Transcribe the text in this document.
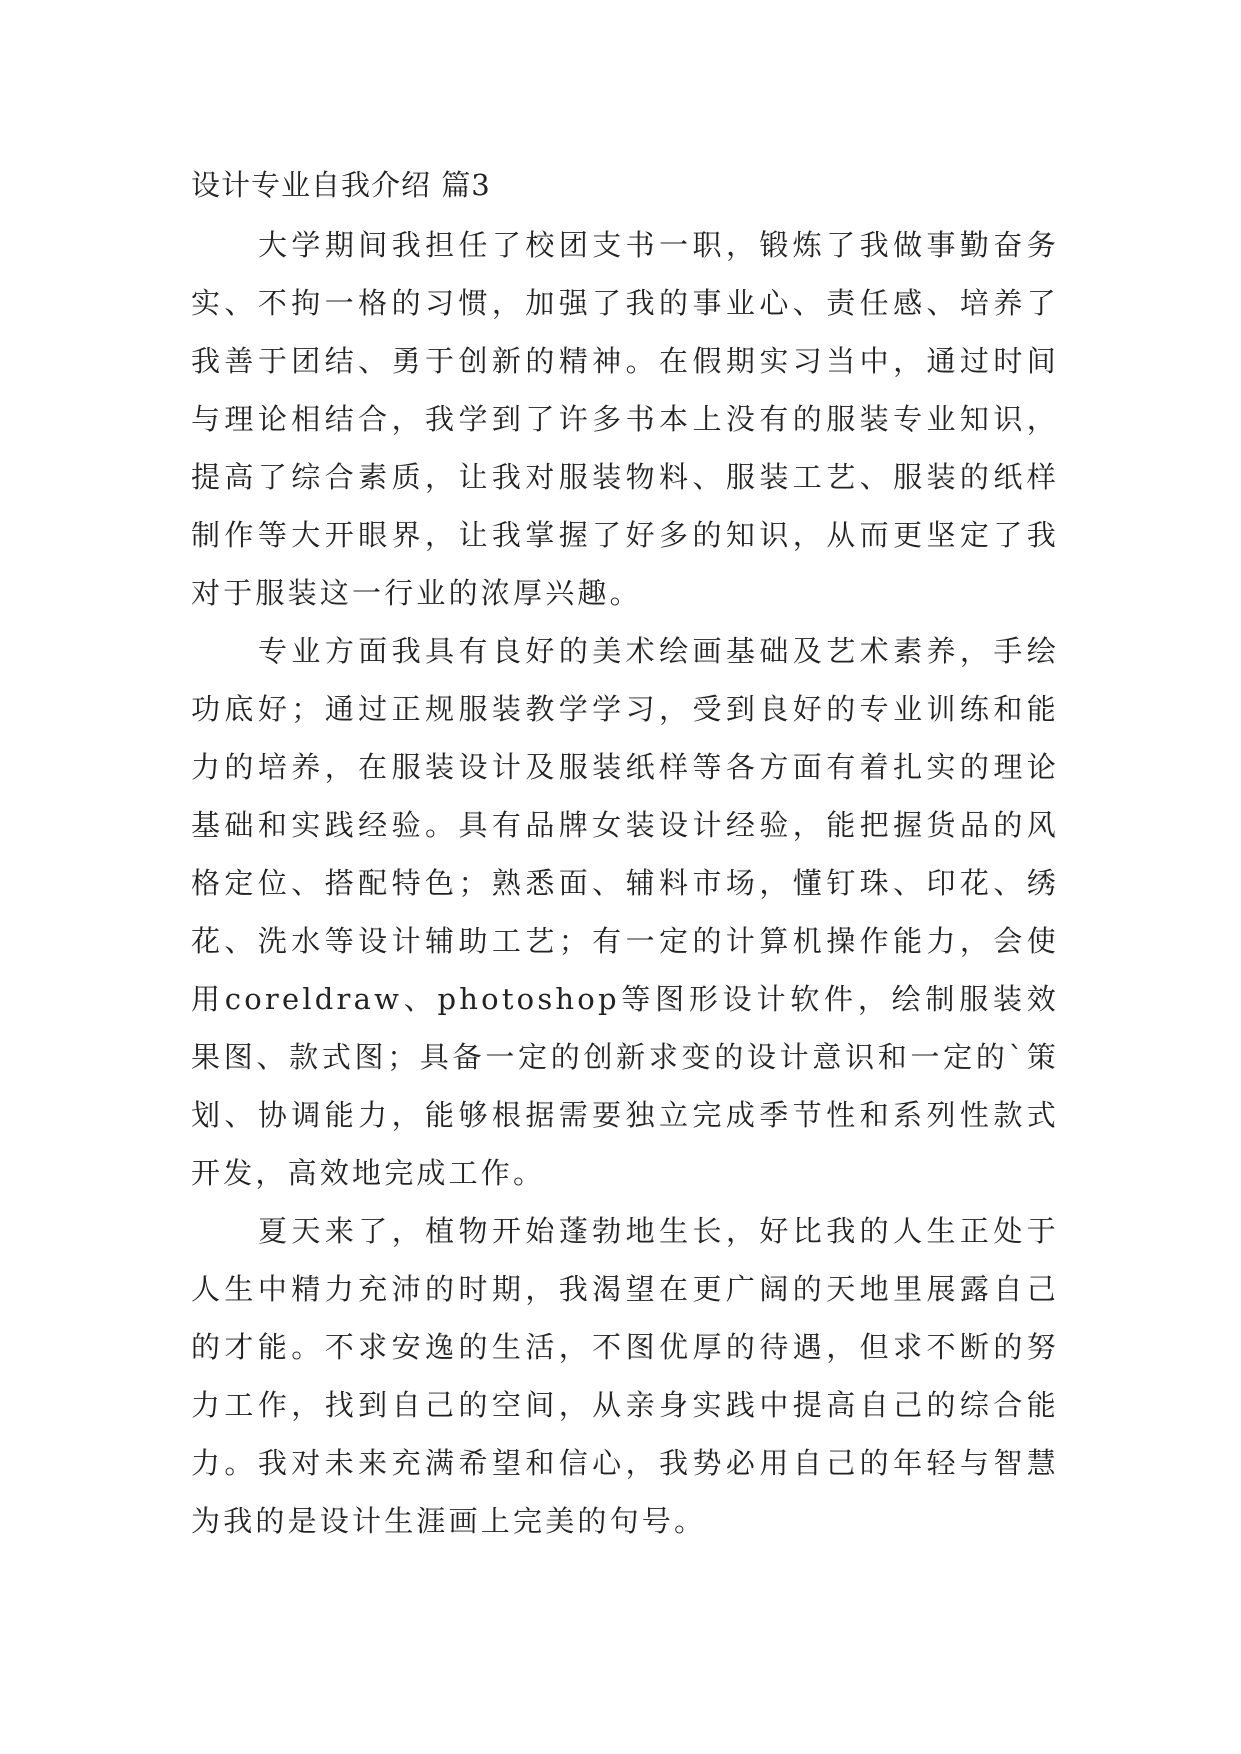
设计专业自我介绍 篇3

大学期间我担任了校团支书一职，锻炼了我做事勤奋务实、不拘一格的习惯，加强了我的事业心、责任感、培养了我善于团结、勇于创新的精神。在假期实习当中，通过时间与理论相结合，我学到了许多书本上没有的服装专业知识，提高了综合素质，让我对服装物料、服装工艺、服装的纸样制作等大开眼界，让我掌握了好多的知识，从而更坚定了我对于服装这一行业的浓厚兴趣。

专业方面我具有良好的美术绘画基础及艺术素养，手绘功底好；通过正规服装教学学习，受到良好的专业训练和能力的培养，在服装设计及服装纸样等各方面有着扎实的理论基础和实践经验。具有品牌女装设计经验，能把握货品的风格定位、搭配特色；熟悉面、辅料市场，懂钉珠、印花、绣花、洗水等设计辅助工艺；有一定的计算机操作能力，会使用coreldraw、photoshop等图形设计软件，绘制服装效果图、款式图；具备一定的创新求变的设计意识和一定的`策划、协调能力，能够根据需要独立完成季节性和系列性款式开发，高效地完成工作。

夏天来了，植物开始蓬勃地生长，好比我的人生正处于人生中精力充沛的时期，我渴望在更广阔的天地里展露自己的才能。不求安逸的生活，不图优厚的待遇，但求不断的努力工作，找到自己的空间，从亲身实践中提高自己的综合能力。我对未来充满希望和信心，我势必用自己的年轻与智慧为我的是设计生涯画上完美的句号。
